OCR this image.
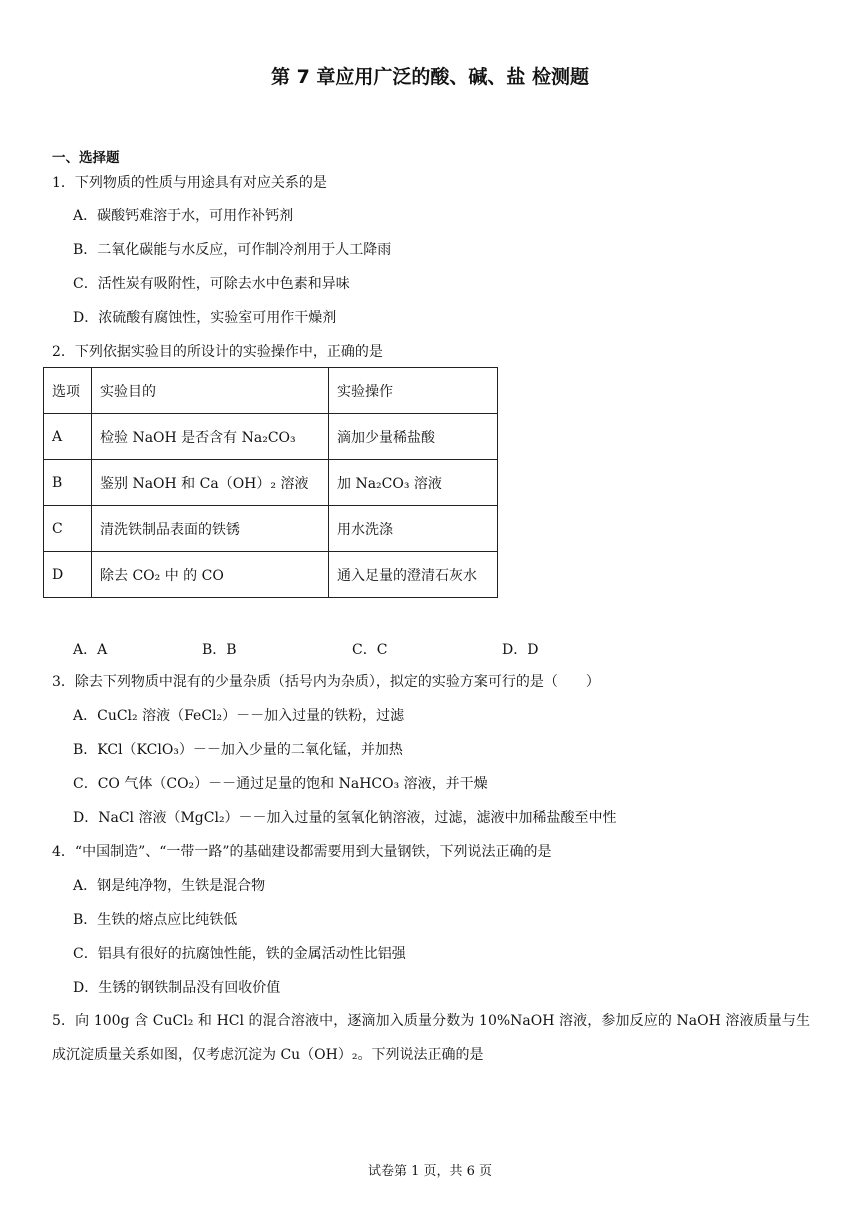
第 7 章应用广泛的酸、碱、盐 检测题
一、选择题
1．下列物质的性质与用途具有对应关系的是
A．碳酸钙难溶于水，可用作补钙剂
B．二氧化碳能与水反应，可作制冷剂用于人工降雨
C．活性炭有吸附性，可除去水中色素和异味
D．浓硫酸有腐蚀性，实验室可用作干燥剂
2．下列依据实验目的所设计的实验操作中，正确的是
选项	实验目的	实验操作
A	检验 NaOH 是否含有 Na₂CO₃	滴加少量稀盐酸
B	鉴别 NaOH 和 Ca（OH）₂ 溶液	加 Na₂CO₃ 溶液
C	清洗铁制品表面的铁锈	用水洗涤
D	除去 CO₂ 中 的 CO	通入足量的澄清石灰水
A．A	B．B	C．C	D．D
3．除去下列物质中混有的少量杂质（括号内为杂质），拟定的实验方案可行的是（　　）
A．CuCl₂ 溶液（FeCl₂）－－加入过量的铁粉，过滤
B．KCl（KClO₃）－－加入少量的二氧化锰，并加热
C．CO 气体（CO₂）－－通过足量的饱和 NaHCO₃ 溶液，并干燥
D．NaCl 溶液（MgCl₂）－－加入过量的氢氧化钠溶液，过滤，滤液中加稀盐酸至中性
4．“中国制造”、“一带一路”的基础建设都需要用到大量钢铁，下列说法正确的是
A．钢是纯净物，生铁是混合物
B．生铁的熔点应比纯铁低
C．铝具有很好的抗腐蚀性能，铁的金属活动性比铝强
D．生锈的钢铁制品没有回收价值
5．向 100g 含 CuCl₂ 和 HCl 的混合溶液中，逐滴加入质量分数为 10%NaOH 溶液，参加反应的 NaOH 溶液质量与生成沉淀质量关系如图，仅考虑沉淀为 Cu（OH）₂。下列说法正确的是
试卷第 1 页，共 6 页
